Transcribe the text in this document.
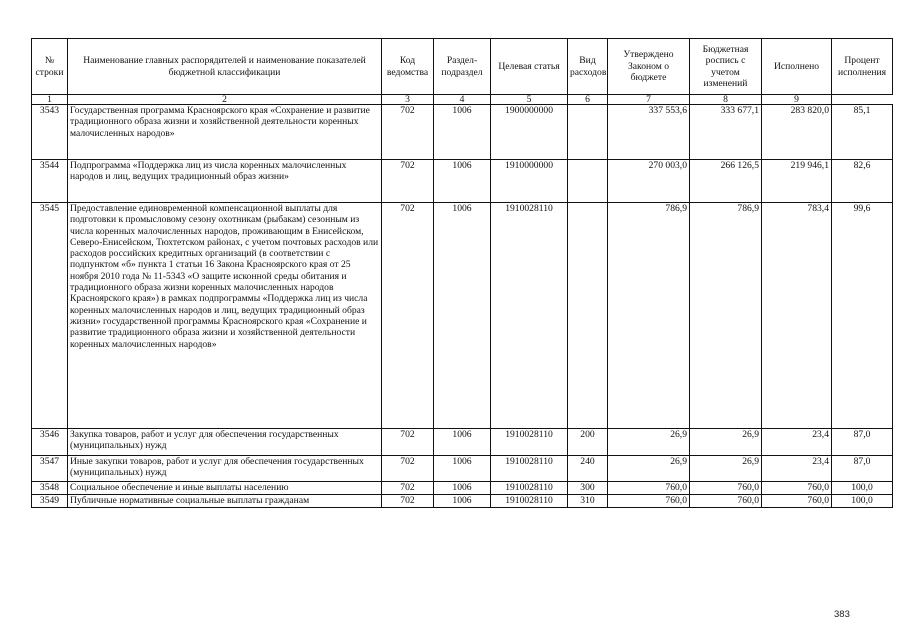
№ строки	Наименование главных распорядителей и наименование показателей бюджетной классификации	Код ведомства	Раздел-подраздел	Целевая статья	Вид расходов	Утверждено Законом о бюджете	Бюджетная роспись с учетом изменений	Исполнено	Процент исполнения
1	2	3	4	5	6	7	8	9	
3543	Государственная программа Красноярского края «Сохранение и развитие традиционного образа жизни и хозяйственной деятельности коренных малочисленных народов»	702	1006	1900000000		337 553,6	333 677,1	283 820,0	85,1
3544	Подпрограмма «Поддержка лиц из числа коренных малочисленных народов и лиц, ведущих традиционный образ жизни»	702	1006	1910000000		270 003,0	266 126,5	219 946,1	82,6
3545	Предоставление единовременной компенсационной выплаты для подготовки к промысловому сезону охотникам (рыбакам) сезонным из числа коренных малочисленных народов, проживающим в Енисейском, Северо-Енисейском, Тюхтетском районах, с учетом почтовых расходов или расходов российских кредитных организаций (в соответствии с подпунктом «б» пункта 1 статьи 16 Закона Красноярского края от 25 ноября 2010 года № 11-5343 «О защите исконной среды обитания и традиционного образа жизни коренных малочисленных народов Красноярского края») в рамках подпрограммы «Поддержка лиц из числа коренных малочисленных народов и лиц, ведущих традиционный образ жизни» государственной программы Красноярского края «Сохранение и развитие традиционного образа жизни и хозяйственной деятельности коренных малочисленных народов»	702	1006	1910028110		786,9	786,9	783,4	99,6
3546	Закупка товаров, работ и услуг для обеспечения государственных (муниципальных) нужд	702	1006	1910028110	200	26,9	26,9	23,4	87,0
3547	Иные закупки товаров, работ и услуг для обеспечения государственных (муниципальных) нужд	702	1006	1910028110	240	26,9	26,9	23,4	87,0
3548	Социальное обеспечение и иные выплаты населению	702	1006	1910028110	300	760,0	760,0	760,0	100,0
3549	Публичные нормативные социальные выплаты гражданам	702	1006	1910028110	310	760,0	760,0	760,0	100,0
383
